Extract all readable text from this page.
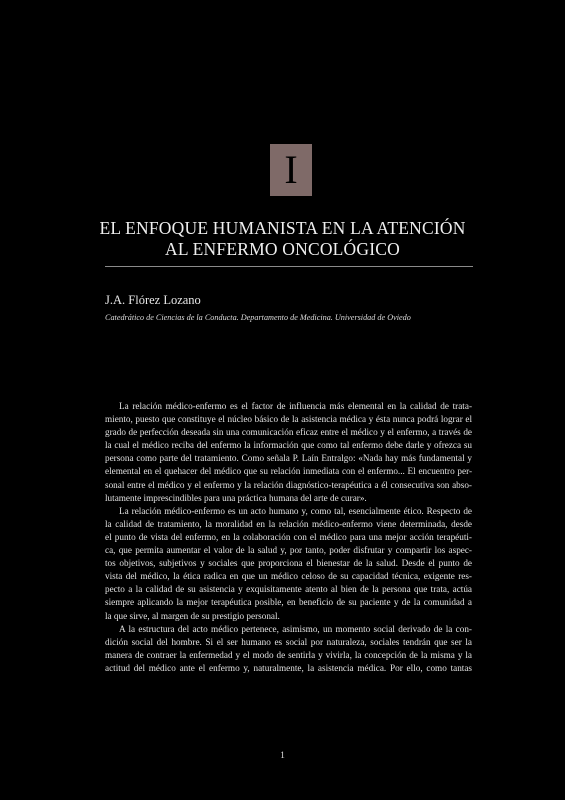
I
EL ENFOQUE HUMANISTA EN LA ATENCIÓN
AL ENFERMO ONCOLÓGICO
J.A. Flórez Lozano
Catedrático de Ciencias de la Conducta. Departamento de Medicina. Universidad de Oviedo
La relación médico-enfermo es el factor de influencia más elemental en la calidad de trata-
miento, puesto que constituye el núcleo básico de la asistencia médica y ésta nunca podrá lograr el
grado de perfección deseada sin una comunicación eficaz entre el médico y el enfermo, a través de
la cual el médico reciba del enfermo la información que como tal enfermo debe darle y ofrezca su
persona como parte del tratamiento. Como señala P. Laín Entralgo: «Nada hay más fundamental y
elemental en el quehacer del médico que su relación inmediata con el enfermo... El encuentro per-
sonal entre el médico y el enfermo y la relación diagnóstico-terapéutica a él consecutiva son abso-
lutamente imprescindibles para una práctica humana del arte de curar».
La relación médico-enfermo es un acto humano y, como tal, esencialmente ético. Respecto de
la calidad de tratamiento, la moralidad en la relación médico-enfermo viene determinada, desde
el punto de vista del enfermo, en la colaboración con el médico para una mejor acción terapéuti-
ca, que permita aumentar el valor de la salud y, por tanto, poder disfrutar y compartir los aspec-
tos objetivos, subjetivos y sociales que proporciona el bienestar de la salud. Desde el punto de
vista del médico, la ética radica en que un médico celoso de su capacidad técnica, exigente res-
pecto a la calidad de su asistencia y exquisitamente atento al bien de la persona que trata, actúa
siempre aplicando la mejor terapéutica posible, en beneficio de su paciente y de la comunidad a
la que sirve, al margen de su prestigio personal.
A la estructura del acto médico pertenece, asimismo, un momento social derivado de la con-
dición social del hombre. Si el ser humano es social por naturaleza, sociales tendrán que ser la
manera de contraer la enfermedad y el modo de sentirla y vivirla, la concepción de la misma y la
actitud del médico ante el enfermo y, naturalmente, la asistencia médica. Por ello, como tantas
1
